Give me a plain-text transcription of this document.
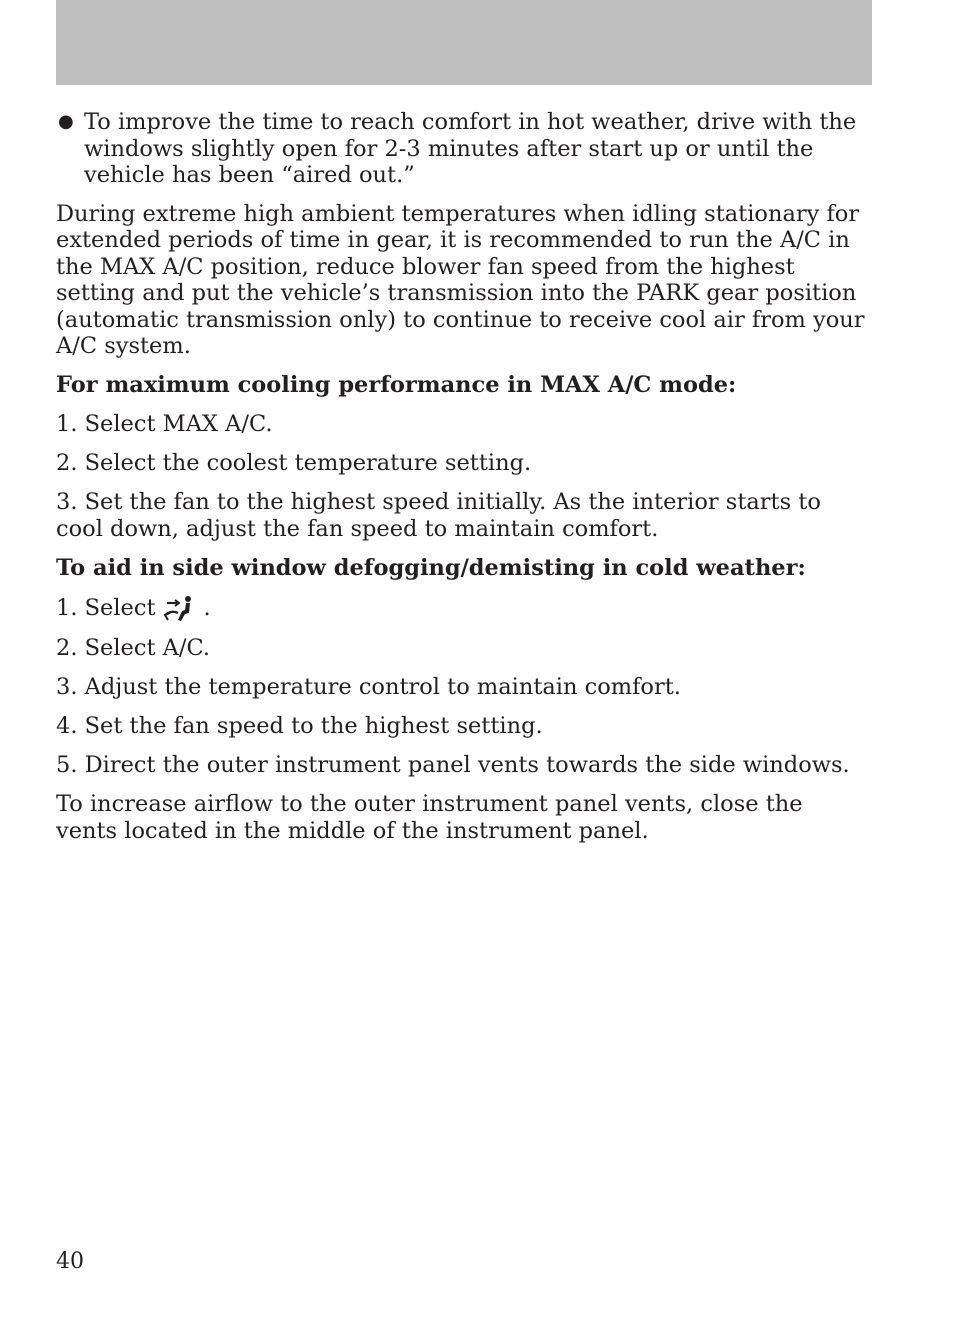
● To improve the time to reach comfort in hot weather, drive with the windows slightly open for 2-3 minutes after start up or until the vehicle has been “aired out.”

During extreme high ambient temperatures when idling stationary for extended periods of time in gear, it is recommended to run the A/C in the MAX A/C position, reduce blower fan speed from the highest setting and put the vehicle’s transmission into the PARK gear position (automatic transmission only) to continue to receive cool air from your A/C system.

For maximum cooling performance in MAX A/C mode:

1. Select MAX A/C.

2. Select the coolest temperature setting.

3. Set the fan to the highest speed initially. As the interior starts to cool down, adjust the fan speed to maintain comfort.

To aid in side window defogging/demisting in cold weather:

1. Select .

2. Select A/C.

3. Adjust the temperature control to maintain comfort.

4. Set the fan speed to the highest setting.

5. Direct the outer instrument panel vents towards the side windows.

To increase airflow to the outer instrument panel vents, close the vents located in the middle of the instrument panel.

40
